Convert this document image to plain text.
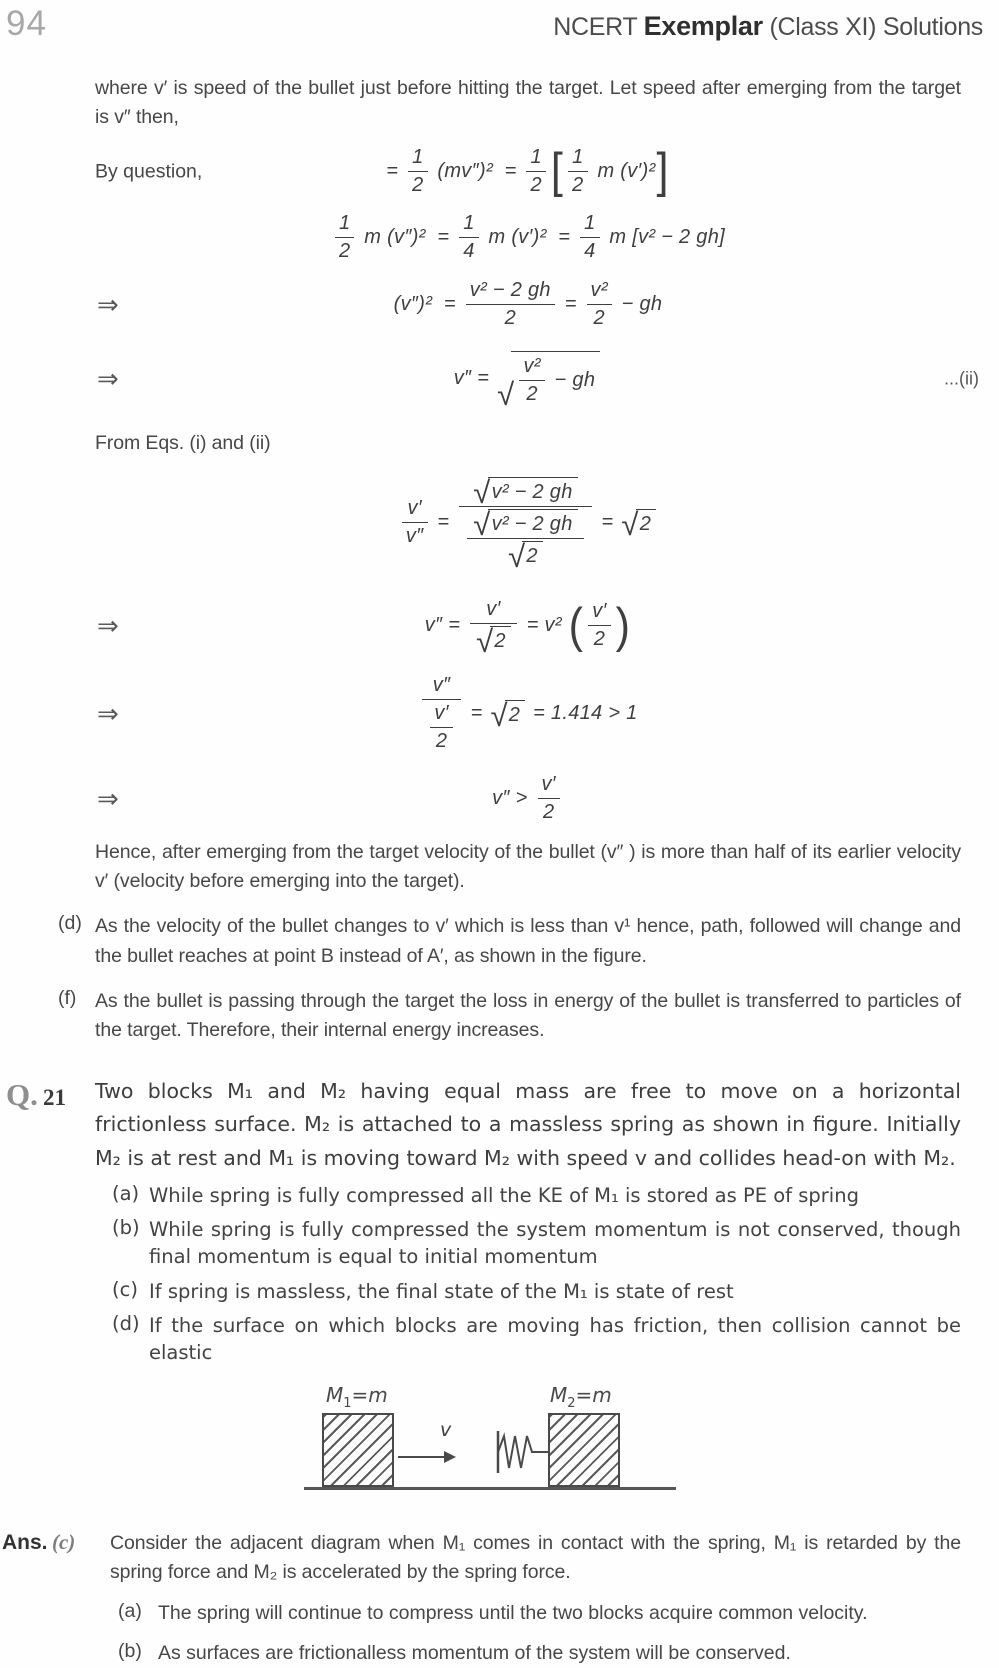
94	NCERT Exemplar (Class XI) Solutions

where v′ is speed of the bullet just before hitting the target. Let speed after emerging from the target is v″ then,

By question,	= $\frac{1}{2} (mv'')^2 = \frac{1}{2}$ [ $\frac{1}{2}$ m (v′)² ]
$\frac{1}{2}$ m $(v'')^2 = \frac{1}{4}$ m $(v')^2 = \frac{1}{4}$ m [v² − 2 gh]
⇒	$(v'')^2 = \frac{\text{v² − 2 gh}}{2} = \frac{\text{v²}}{2}$ − gh
⇒	v″ = √ $\frac{\text{v²}}{2}$ − gh	...(ii)

From Eqs. (i) and (ii)

$\frac{v'}{v''} = \frac{\text{√ v² − 2 gh}}{\frac{\text{√ v² − 2 gh}}{√ 2}}$ = √ 2
⇒	$v'' = \frac{v'}{√ 2} = v^2$ ( $\frac{v'}{2}$ )
⇒	$\frac{v''}{\frac{v'}{2}}$ = √ 2 = 1.414 > 1
⇒	$v'' > \frac{v'}{2}$

Hence, after emerging from the target velocity of the bullet (v″ ) is more than half of its earlier velocity v′ (velocity before emerging into the target).

(d) As the velocity of the bullet changes to v′ which is less than v¹ hence, path, followed will change and the bullet reaches at point B instead of A′, as shown in the figure.

(f) As the bullet is passing through the target the loss in energy of the bullet is transferred to particles of the target. Therefore, their internal energy increases.

Q. 21	Two blocks M₁ and M₂ having equal mass are free to move on a horizontal frictionless surface. M₂ is attached to a massless spring as shown in figure. Initially M₂ is at rest and M₁ is moving toward M₂ with speed v and collides head-on with M₂.

(a) While spring is fully compressed all the KE of M₁ is stored as PE of spring
(b) While spring is fully compressed the system momentum is not conserved, though final momentum is equal to initial momentum
(c) If spring is massless, the final state of the M₁ is state of rest
(d) If the surface on which blocks are moving has friction, then collision cannot be elastic
$M_1=m$	$M_2=m$
v
Ans. (c)	Consider the adjacent diagram when M₁ comes in contact with the spring, M₁ is retarded by the spring force and M₂ is accelerated by the spring force.

(a) The spring will continue to compress until the two blocks acquire common velocity.
(b) As surfaces are frictionalless momentum of the system will be conserved.
